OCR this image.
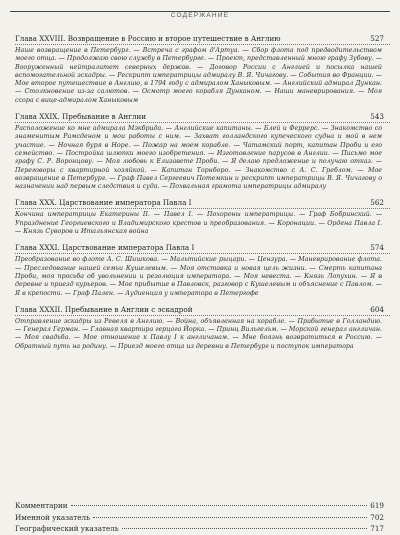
СОДЕРЖАНИЕ
Глава XXVIII. Возвращение в Россию и второе путешествие в Англию	527
Наше возвращение в Петербург. — Встреча с графом д'Артуа. — Сбор флота под предводительством моего отца. — Продолжаю свою службу в Петербурге. — Проект, представленный мною графу Зубову. — Вооруженный нейтралитет северных держав. — Договор России с Англией и посылка нашей вспомогательной эскадры. — Рескрипт императрицы адмиралу В. Я. Чичагову. — События во Франции. — Мое второе путешествие в Англию, в 1794 году с адмиралом Ханыковым. — Английский адмирал Дункан. — Столкновение из-за салютов. — Осмотр моего корабля Дунканом. — Наши маневрирования. — Моя ссора с вице-адмиралом Ханыковым
Глава XXIX. Пребывание в Англии	543
Расположение ко мне адмирала Мэкбрида. — Английские капитаны. — Блей и Феррерс. — Знакомство со знаменитым Рамсденом и мои работы с ним. — Захват голландского купеческого судна и мой в нем участие. — Ночная буря в Норе. — Пожар на моем корабле. — Чатамский порт, капитан Проби и его семейство. — Постройка шлюпки моего изобретения. — Изготовление парусов в Англии. — Письмо мое графу С. Р. Воронцову. — Моя любовь к Елизавете Проби. — Я делаю предложение и получаю отказ. — Переговоры с квартирной хозяйкой. — Капитан Торнборо. — Знакомство с А. С. Греблом. — Мое возвращение в Петербург. — Граф Павел Сергеевич Потемкин и рескрипт императрицы В. Я. Чичагову о назначении над первым следствия и суда. — Похвальная грамота императрицы адмиралу
Глава XXX. Царствование императора Павла I	562
Кончина императрицы Екатерины II. — Павел I. — Похороны императрицы. — Граф Бобринский. — Упразднение Георгиевского и Владимирского крестов и преобразования. — Коронации. — Ордена Павла I. — Князь Суворов и Итальянская война
Глава XXXI. Царствование императора Павла I	574
Преобразование во флоте А. С. Шишкова. — Мальтийские рыцари. — Цензура. — Маневрирование флота. — Преследование нашей семьи Кушелевым. — Моя отставка и новая цель жизни. — Смерть капитана Проби, моя просьба об увольнении и резолюция императора. — Моя невеста. — Князь Лопухин. — Я в деревне и приезд курьеров. — Мое прибытие в Павловск, разговор с Кушелевым и объяснение с Павлом. — Я в крепости. — Граф Пален. — Аудиенция у императора в Петергофе
Глава XXXII. Пребывание в Англии с эскадрой	604
Отправление эскадры из Ревеля в Англию. — Война, объявленная на корабле. — Прибытие в Голландию. — Генерал Герман. — Главная квартира герцога Йорка. — Принц Вильгельм. — Морской генерал англичан. — Моя свадьба. — Мое отношение к Павлу I к англичанам. — Мне боязнь возвратиться в Россию. — Обратный путь на родину. — Приезд моего отца из деревни в Петербург и поступок императора
Комментарии	619
Именной указатель	702
Географический указатель	717
